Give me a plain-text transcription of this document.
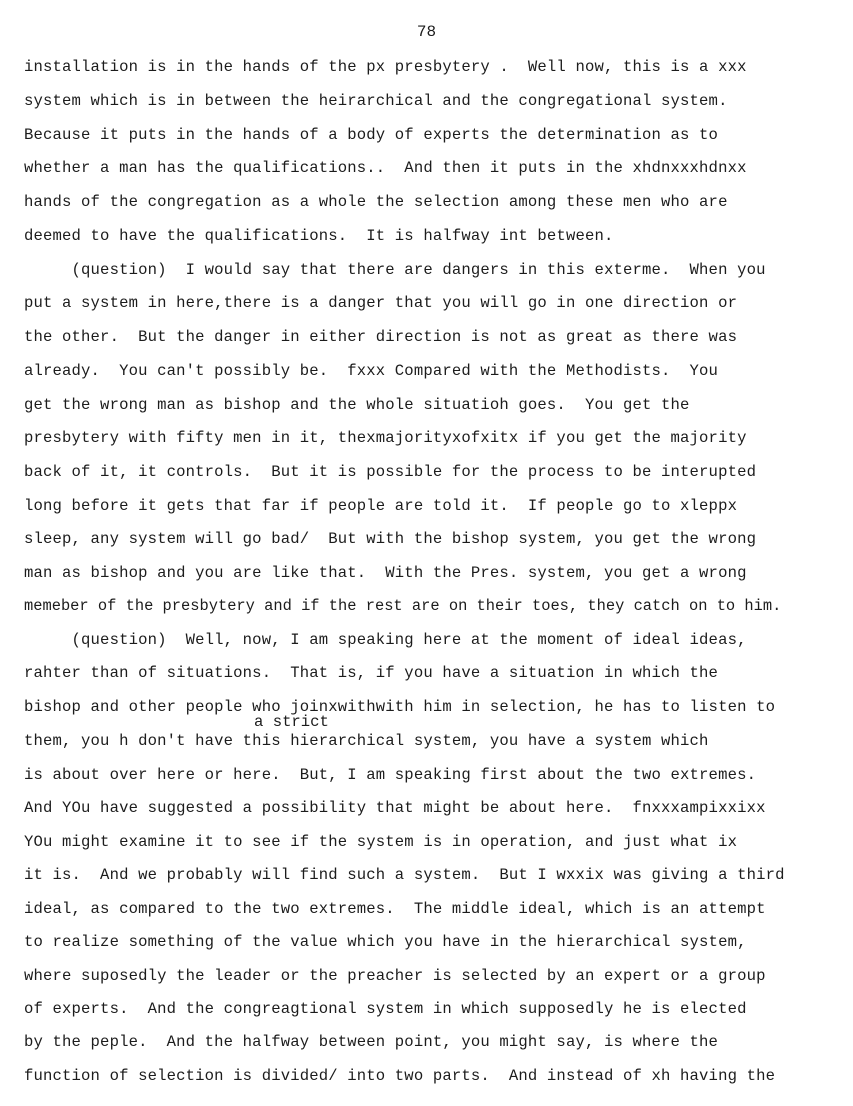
78
installation is in the hands of the px presbytery .  Well now, this is a xxx
system which is in between the heirarchical and the congregational system.
Because it puts in the hands of a body of experts the determination as to
whether a man has the qualifications..  And then it puts in the xhdnxxxhdnxx
hands of the congregation as a whole the selection among these men who are
deemed to have the qualifications.  It is halfway int between.
(question)  I would say that there are dangers in this exterme.  When you
put a system in here,there is a danger that you will go in one direction or
the other.  But the danger in either direction is not as great as there was
already.  You can't possibly be.  fxxx Compared with the Methodists.  You
get the wrong man as bishop and the whole situatioh goes.  You get the
presbytery with fifty men in it, thexmajorityxofxitx if you get the majority
back of it, it controls.  But it is possible for the process to be interupted
long before it gets that far if people are told it.  If people go to xleppx
sleep, any system will go bad/  But with the bishop system, you get the wrong
man as bishop and you are like that.  With the Pres. system, you get a wrong
memeber of the presbytery and if the rest are on their toes, they catch on to him.
(question)  Well, now, I am speaking here at the moment of ideal ideas,
rahter than of situations.  That is, if you have a situation in which the
bishop and other people who joinxwithwith him in selection, he has to listen to
a strict
them, you h don't have this hierarchical system, you have a system which
is about over here or here.  But, I am speaking first about the two extremes.
And YOu have suggested a possibility that might be about here.  fnxxxampixxixx
YOu might examine it to see if the system is in operation, and just what ix
it is.  And we probably will find such a system.  But I wxxix was giving a third
ideal, as compared to the two extremes.  The middle ideal, which is an attempt
to realize something of the value which you have in the hierarchical system,
where suposedly the leader or the preacher is selected by an expert or a group
of experts.  And the congreagtional system in which supposedly he is elected
by the peple.  And the halfway between point, you might say, is where the
function of selection is divided/ into two parts.  And instead of xh having the
